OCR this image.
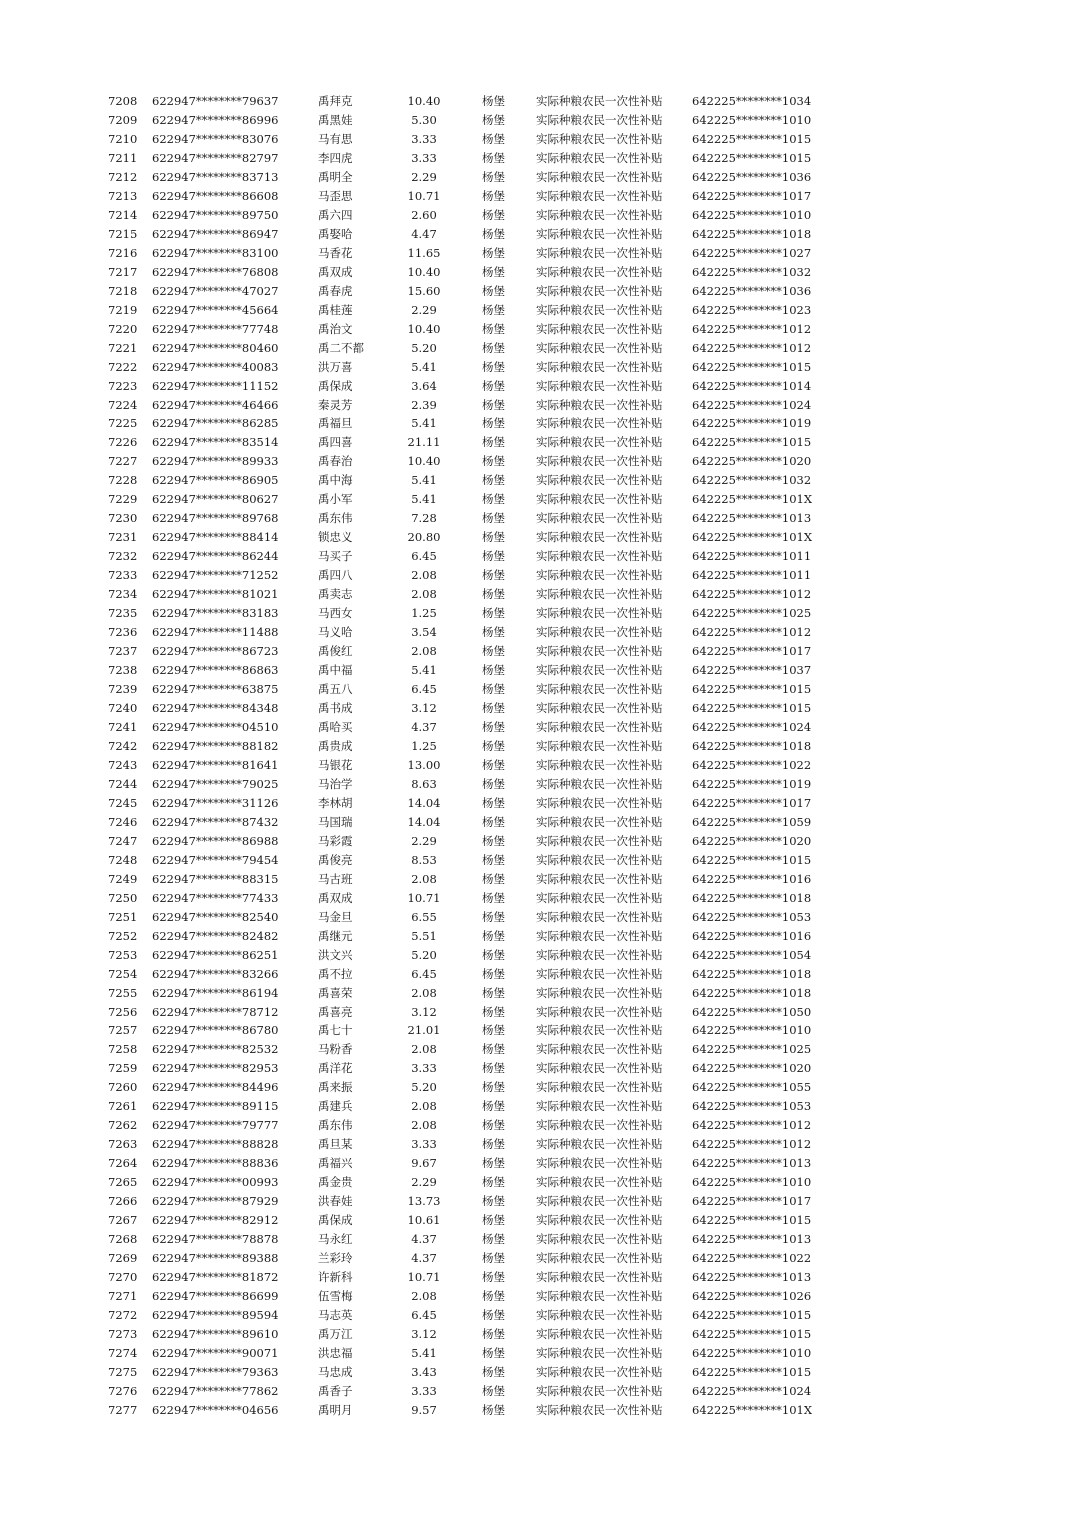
7208 622947********79637	禹拜克	10.40	杨堡	实际种粮农民一次性补贴	642225********1034
7209 622947********86996	禹黑娃	5.30	杨堡	实际种粮农民一次性补贴	642225********1010
7210 622947********83076	马有思	3.33	杨堡	实际种粮农民一次性补贴	642225********1015
7211 622947********82797	李四虎	3.33	杨堡	实际种粮农民一次性补贴	642225********1015
7212 622947********83713	禹明全	2.29	杨堡	实际种粮农民一次性补贴	642225********1036
7213 622947********86608	马歪思	10.71	杨堡	实际种粮农民一次性补贴	642225********1017
7214 622947********89750	禹六四	2.60	杨堡	实际种粮农民一次性补贴	642225********1010
7215 622947********86947	禹娶哈	4.47	杨堡	实际种粮农民一次性补贴	642225********1018
7216 622947********83100	马香花	11.65	杨堡	实际种粮农民一次性补贴	642225********1027
7217 622947********76808	禹双成	10.40	杨堡	实际种粮农民一次性补贴	642225********1032
7218 622947********47027	禹春虎	15.60	杨堡	实际种粮农民一次性补贴	642225********1036
7219 622947********45664	禹桂莲	2.29	杨堡	实际种粮农民一次性补贴	642225********1023
7220 622947********77748	禹治文	10.40	杨堡	实际种粮农民一次性补贴	642225********1012
7221 622947********80460	禹二不都	5.20	杨堡	实际种粮农民一次性补贴	642225********1012
7222 622947********40083	洪万喜	5.41	杨堡	实际种粮农民一次性补贴	642225********1015
7223 622947********11152	禹保成	3.64	杨堡	实际种粮农民一次性补贴	642225********1014
7224 622947********46466	秦灵芳	2.39	杨堡	实际种粮农民一次性补贴	642225********1024
7225 622947********86285	禹福旦	5.41	杨堡	实际种粮农民一次性补贴	642225********1019
7226 622947********83514	禹四喜	21.11	杨堡	实际种粮农民一次性补贴	642225********1015
7227 622947********89933	禹春治	10.40	杨堡	实际种粮农民一次性补贴	642225********1020
7228 622947********86905	禹中海	5.41	杨堡	实际种粮农民一次性补贴	642225********1032
7229 622947********80627	禹小军	5.41	杨堡	实际种粮农民一次性补贴	642225********101X
7230 622947********89768	禹东伟	7.28	杨堡	实际种粮农民一次性补贴	642225********1013
7231 622947********88414	锁忠义	20.80	杨堡	实际种粮农民一次性补贴	642225********101X
7232 622947********86244	马买子	6.45	杨堡	实际种粮农民一次性补贴	642225********1011
7233 622947********71252	禹四八	2.08	杨堡	实际种粮农民一次性补贴	642225********1011
7234 622947********81021	禹卖志	2.08	杨堡	实际种粮农民一次性补贴	642225********1012
7235 622947********83183	马西女	1.25	杨堡	实际种粮农民一次性补贴	642225********1025
7236 622947********11488	马义哈	3.54	杨堡	实际种粮农民一次性补贴	642225********1012
7237 622947********86723	禹俊红	2.08	杨堡	实际种粮农民一次性补贴	642225********1017
7238 622947********86863	禹中福	5.41	杨堡	实际种粮农民一次性补贴	642225********1037
7239 622947********63875	禹五八	6.45	杨堡	实际种粮农民一次性补贴	642225********1015
7240 622947********84348	禹书成	3.12	杨堡	实际种粮农民一次性补贴	642225********1015
7241 622947********04510	禹哈买	4.37	杨堡	实际种粮农民一次性补贴	642225********1024
7242 622947********88182	禹贵成	1.25	杨堡	实际种粮农民一次性补贴	642225********1018
7243 622947********81641	马银花	13.00	杨堡	实际种粮农民一次性补贴	642225********1022
7244 622947********79025	马治学	8.63	杨堡	实际种粮农民一次性补贴	642225********1019
7245 622947********31126	李林胡	14.04	杨堡	实际种粮农民一次性补贴	642225********1017
7246 622947********87432	马国瑞	14.04	杨堡	实际种粮农民一次性补贴	642225********1059
7247 622947********86988	马彩霞	2.29	杨堡	实际种粮农民一次性补贴	642225********1020
7248 622947********79454	禹俊亮	8.53	杨堡	实际种粮农民一次性补贴	642225********1015
7249 622947********88315	马古班	2.08	杨堡	实际种粮农民一次性补贴	642225********1016
7250 622947********77433	禹双成	10.71	杨堡	实际种粮农民一次性补贴	642225********1018
7251 622947********82540	马金旦	6.55	杨堡	实际种粮农民一次性补贴	642225********1053
7252 622947********82482	禹继元	5.51	杨堡	实际种粮农民一次性补贴	642225********1016
7253 622947********86251	洪文兴	5.20	杨堡	实际种粮农民一次性补贴	642225********1054
7254 622947********83266	禹不拉	6.45	杨堡	实际种粮农民一次性补贴	642225********1018
7255 622947********86194	禹喜荣	2.08	杨堡	实际种粮农民一次性补贴	642225********1018
7256 622947********78712	禹喜亮	3.12	杨堡	实际种粮农民一次性补贴	642225********1050
7257 622947********86780	禹七十	21.01	杨堡	实际种粮农民一次性补贴	642225********1010
7258 622947********82532	马粉香	2.08	杨堡	实际种粮农民一次性补贴	642225********1025
7259 622947********82953	禹洋花	3.33	杨堡	实际种粮农民一次性补贴	642225********1020
7260 622947********84496	禹来振	5.20	杨堡	实际种粮农民一次性补贴	642225********1055
7261 622947********89115	禹建兵	2.08	杨堡	实际种粮农民一次性补贴	642225********1053
7262 622947********79777	禹东伟	2.08	杨堡	实际种粮农民一次性补贴	642225********1012
7263 622947********88828	禹旦某	3.33	杨堡	实际种粮农民一次性补贴	642225********1012
7264 622947********88836	禹福兴	9.67	杨堡	实际种粮农民一次性补贴	642225********1013
7265 622947********00993	禹金贵	2.29	杨堡	实际种粮农民一次性补贴	642225********1010
7266 622947********87929	洪春娃	13.73	杨堡	实际种粮农民一次性补贴	642225********1017
7267 622947********82912	禹保成	10.61	杨堡	实际种粮农民一次性补贴	642225********1015
7268 622947********78878	马永红	4.37	杨堡	实际种粮农民一次性补贴	642225********1013
7269 622947********89388	兰彩玲	4.37	杨堡	实际种粮农民一次性补贴	642225********1022
7270 622947********81872	许新科	10.71	杨堡	实际种粮农民一次性补贴	642225********1013
7271 622947********86699	伍雪梅	2.08	杨堡	实际种粮农民一次性补贴	642225********1026
7272 622947********89594	马志英	6.45	杨堡	实际种粮农民一次性补贴	642225********1015
7273 622947********89610	禹万江	3.12	杨堡	实际种粮农民一次性补贴	642225********1015
7274 622947********90071	洪忠福	5.41	杨堡	实际种粮农民一次性补贴	642225********1010
7275 622947********79363	马忠成	3.43	杨堡	实际种粮农民一次性补贴	642225********1015
7276 622947********77862	禹香子	3.33	杨堡	实际种粮农民一次性补贴	642225********1024
7277 622947********04656	禹明月	9.57	杨堡	实际种粮农民一次性补贴	642225********101X
